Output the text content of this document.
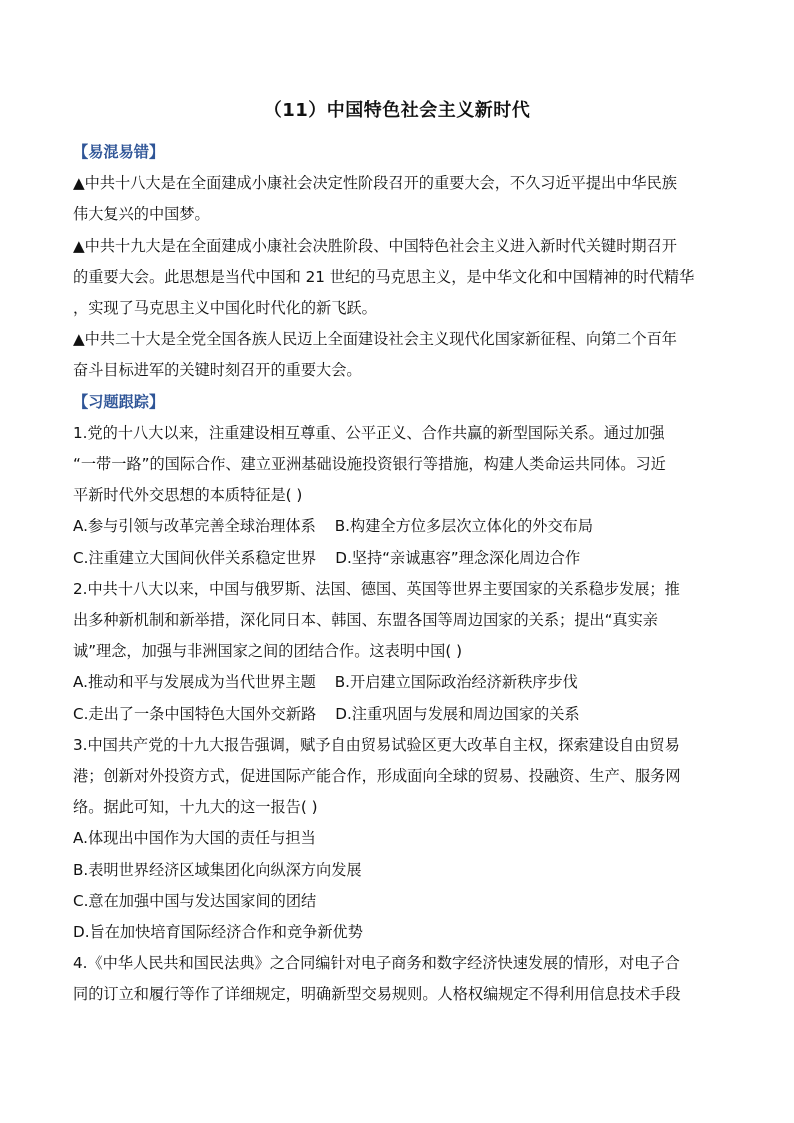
（11）中国特色社会主义新时代

【易混易错】

▲中共十八大是在全面建成小康社会决定性阶段召开的重要大会，不久习近平提出中华民族

伟大复兴的中国梦。

▲中共十九大是在全面建成小康社会决胜阶段、中国特色社会主义进入新时代关键时期召开

的重要大会。此思想是当代中国和 21 世纪的马克思主义，是中华文化和中国精神的时代精华

，实现了马克思主义中国化时代化的新飞跃。

▲中共二十大是全党全国各族人民迈上全面建设社会主义现代化国家新征程、向第二个百年

奋斗目标进军的关键时刻召开的重要大会。

【习题跟踪】

1.党的十八大以来，注重建设相互尊重、公平正义、合作共赢的新型国际关系。通过加强

“一带一路”的国际合作、建立亚洲基础设施投资银行等措施，构建人类命运共同体。习近

平新时代外交思想的本质特征是( )

A.参与引领与改革完善全球治理体系 B.构建全方位多层次立体化的外交布局

C.注重建立大国间伙伴关系稳定世界 D.坚持“亲诚惠容”理念深化周边合作

2.中共十八大以来，中国与俄罗斯、法国、德国、英国等世界主要国家的关系稳步发展；推

出多种新机制和新举措，深化同日本、韩国、东盟各国等周边国家的关系；提出“真实亲

诚”理念，加强与非洲国家之间的团结合作。这表明中国( )

A.推动和平与发展成为当代世界主题 B.开启建立国际政治经济新秩序步伐

C.走出了一条中国特色大国外交新路 D.注重巩固与发展和周边国家的关系

3.中国共产党的十九大报告强调，赋予自由贸易试验区更大改革自主权，探索建设自由贸易

港；创新对外投资方式，促进国际产能合作，形成面向全球的贸易、投融资、生产、服务网

络。据此可知，十九大的这一报告( )

A.体现出中国作为大国的责任与担当

B.表明世界经济区域集团化向纵深方向发展

C.意在加强中国与发达国家间的团结

D.旨在加快培育国际经济合作和竞争新优势

4.《中华人民共和国民法典》之合同编针对电子商务和数字经济快速发展的情形，对电子合

同的订立和履行等作了详细规定，明确新型交易规则。人格权编规定不得利用信息技术手段
